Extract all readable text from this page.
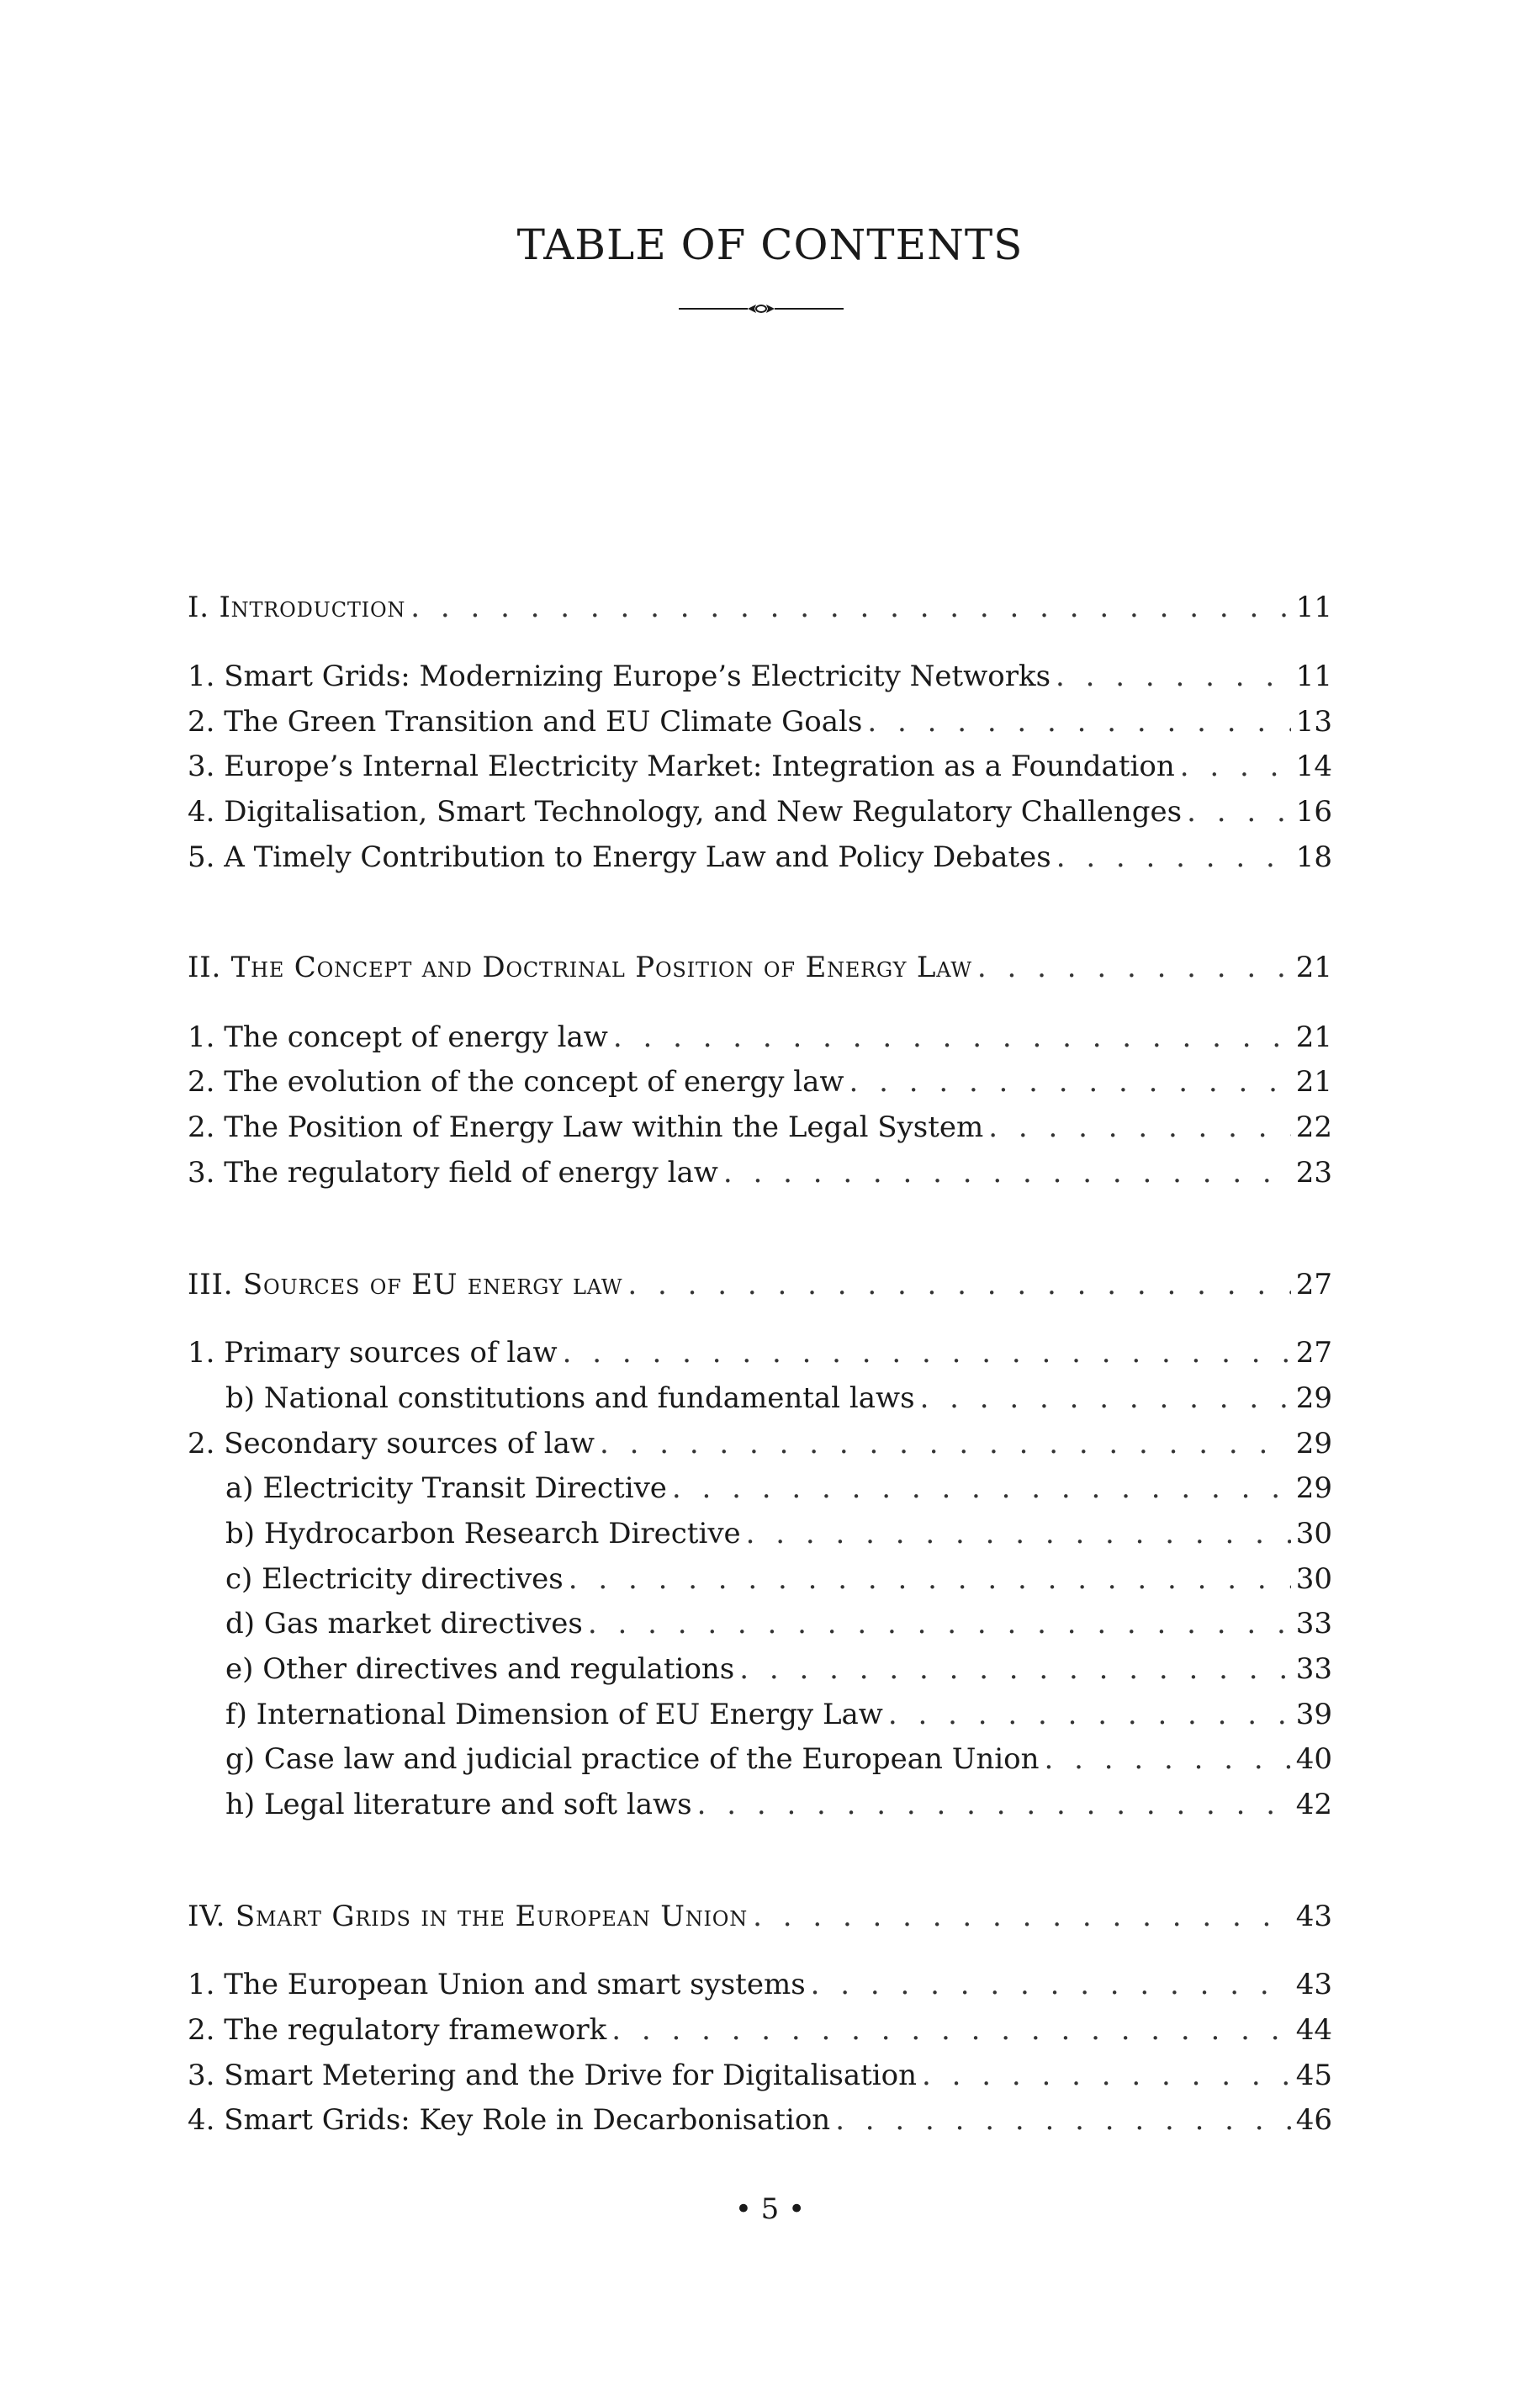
TABLE OF CONTENTS
I. Introduction . . .	11
1. Smart Grids: Modernizing Europe’s Electricity Networks . . .	11
2. The Green Transition and EU Climate Goals . . .	13
3. Europe’s Internal Electricity Market: Integration as a Foundation . . .	14
4. Digitalisation, Smart Technology, and New Regulatory Challenges . . .	16
5. A Timely Contribution to Energy Law and Policy Debates . . .	18
II. The Concept and Doctrinal Position of Energy Law . . .	21
1. The concept of energy law . . .	21
2. The evolution of the concept of energy law . . .	21
2. The Position of Energy Law within the Legal System . . .	22
3. The regulatory field of energy law . . .	23
III. Sources of EU energy law . . .	27
1. Primary sources of law . . .	27
b) National constitutions and fundamental laws . . .	29
2. Secondary sources of law . . .	29
a) Electricity Transit Directive . . .	29
b) Hydrocarbon Research Directive . . .	30
c) Electricity directives . . .	30
d) Gas market directives . . .	33
e) Other directives and regulations . . .	33
f) International Dimension of EU Energy Law . . .	39
g) Case law and judicial practice of the European Union . . .	40
h) Legal literature and soft laws . . .	42
IV. Smart Grids in the European Union . . .	43
1. The European Union and smart systems . . .	43
2. The regulatory framework . . .	44
3. Smart Metering and the Drive for Digitalisation . . .	45
4. Smart Grids: Key Role in Decarbonisation . . .	46
• 5 •
